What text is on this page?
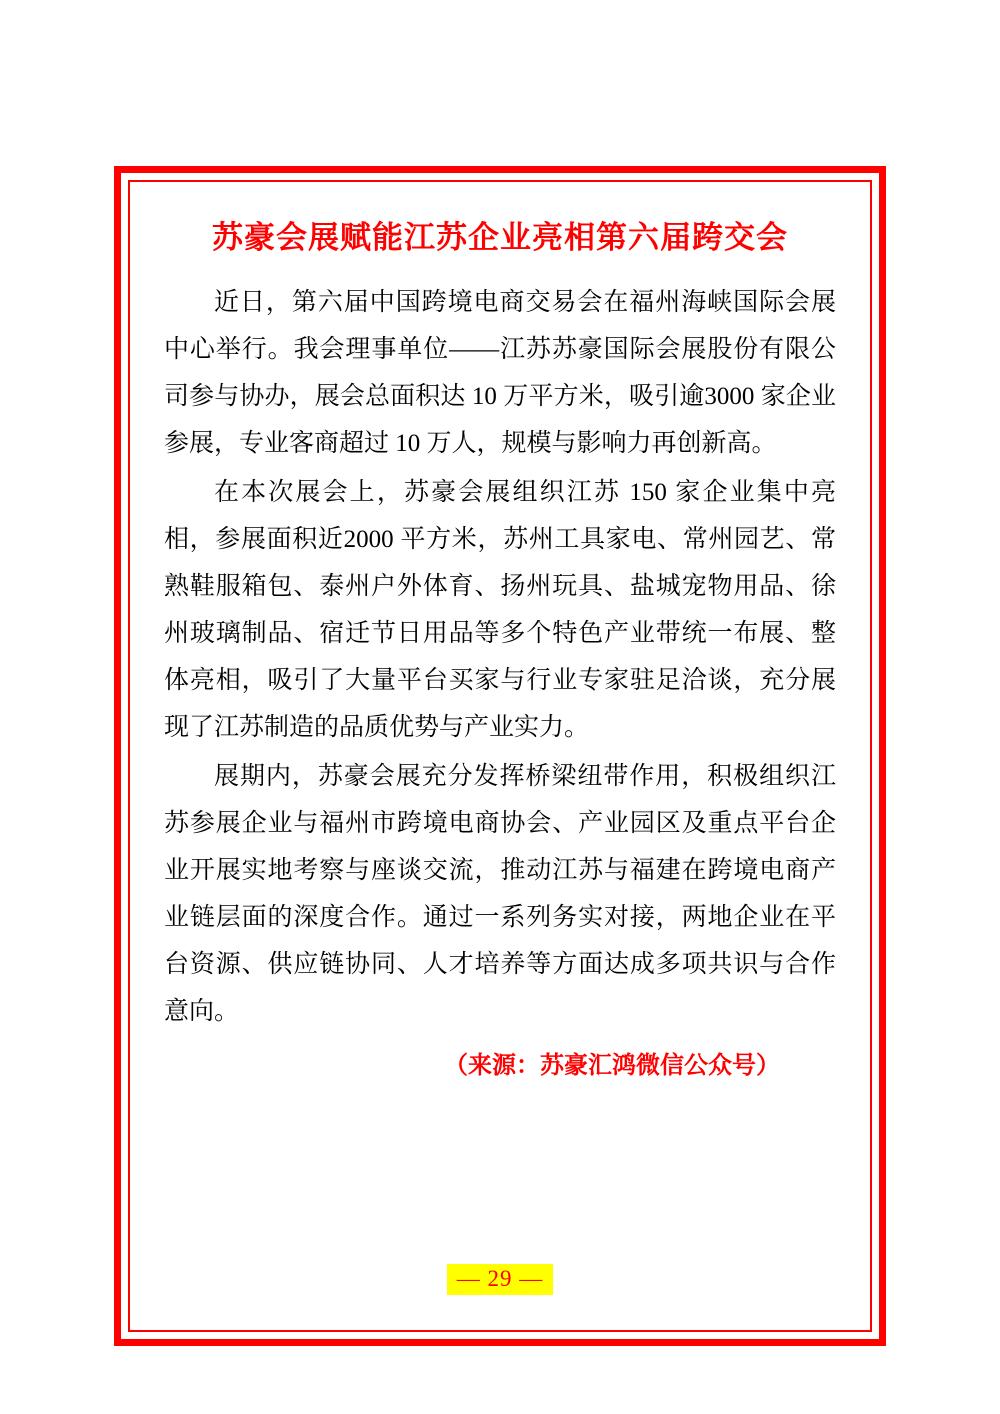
苏豪会展赋能江苏企业亮相第六届跨交会

近日，第六届中国跨境电商交易会在福州海峡国际会展中心举行。我会理事单位——江苏苏豪国际会展股份有限公司参与协办，展会总面积达 10 万平方米，吸引逾3000 家企业参展，专业客商超过 10 万人，规模与影响力再创新高。

在本次展会上，苏豪会展组织江苏 150 家企业集中亮相，参展面积近2000 平方米，苏州工具家电、常州园艺、常熟鞋服箱包、泰州户外体育、扬州玩具、盐城宠物用品、徐州玻璃制品、宿迁节日用品等多个特色产业带统一布展、整体亮相，吸引了大量平台买家与行业专家驻足洽谈，充分展现了江苏制造的品质优势与产业实力。

展期内，苏豪会展充分发挥桥梁纽带作用，积极组织江苏参展企业与福州市跨境电商协会、产业园区及重点平台企业开展实地考察与座谈交流，推动江苏与福建在跨境电商产业链层面的深度合作。通过一系列务实对接，两地企业在平台资源、供应链协同、人才培养等方面达成多项共识与合作意向。

（来源：苏豪汇鸿微信公众号）
— 29 —
